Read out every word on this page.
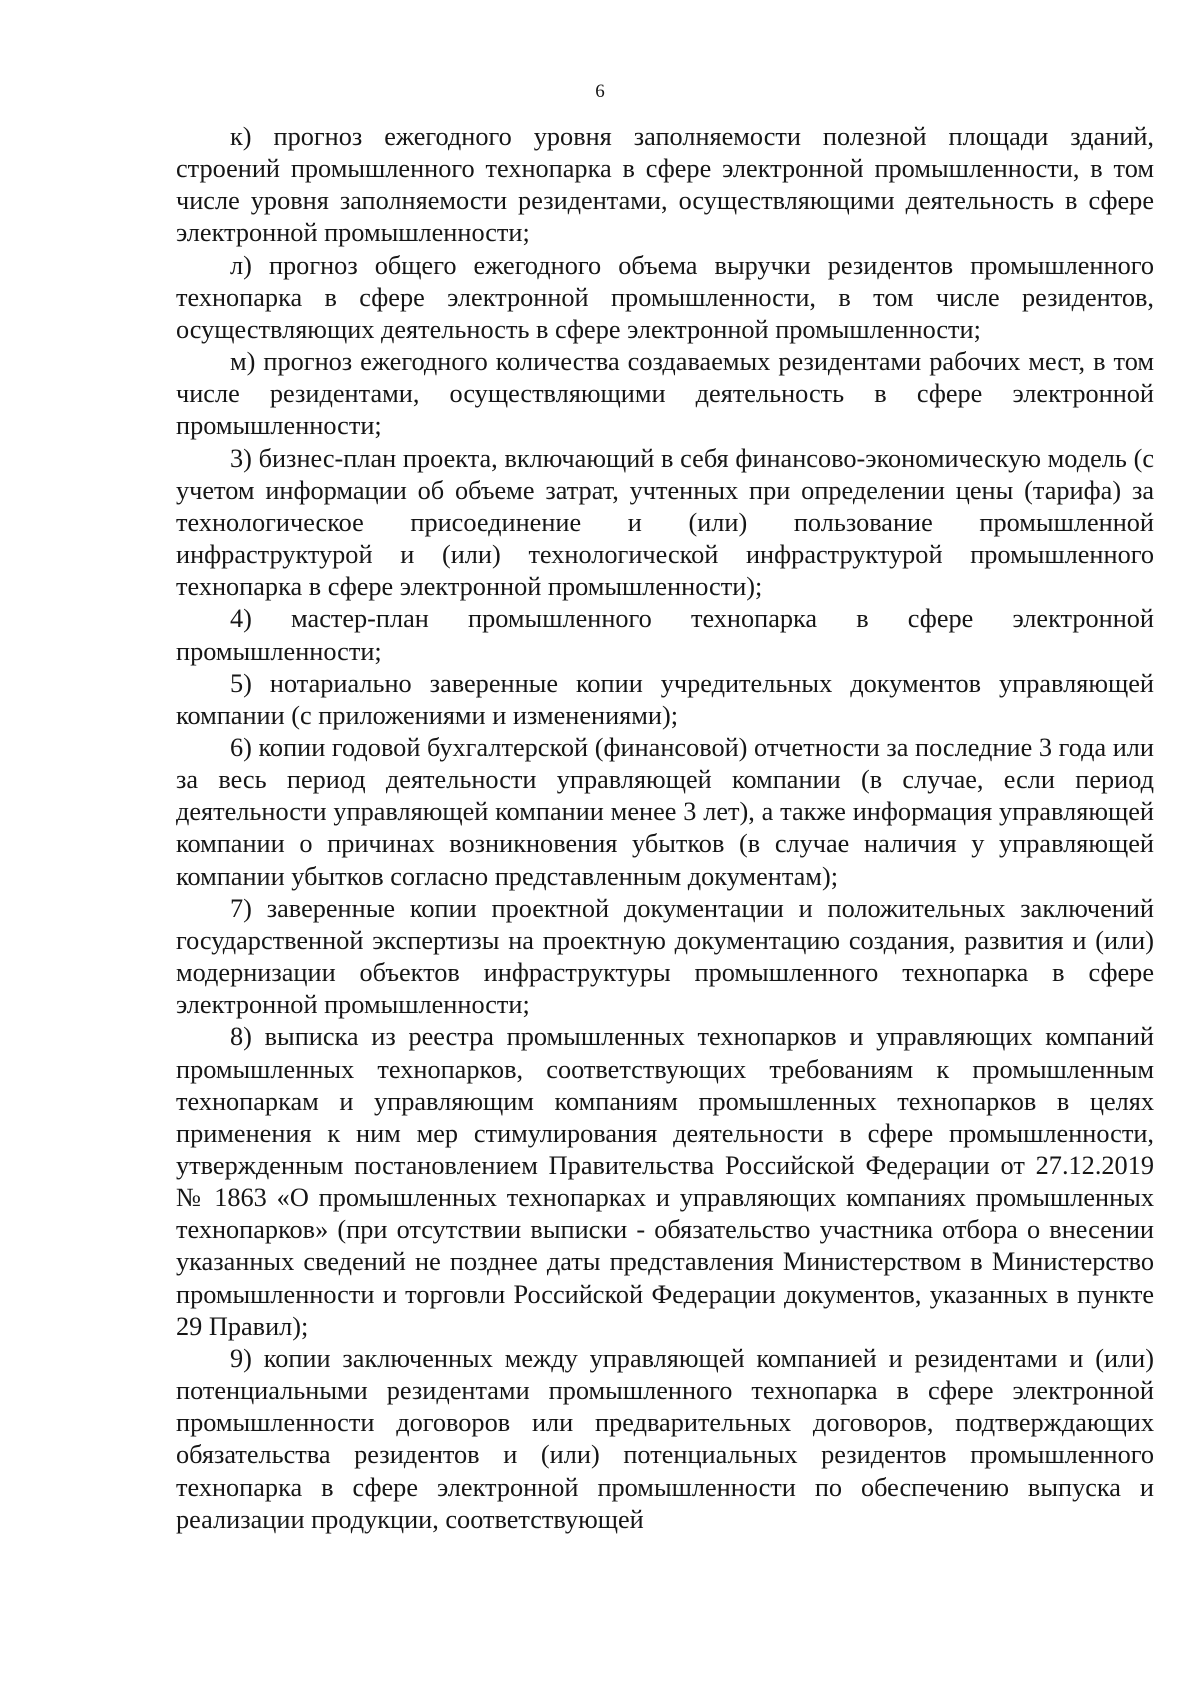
6

к) прогноз ежегодного уровня заполняемости полезной площади зданий, строений промышленного технопарка в сфере электронной промышленности, в том числе уровня заполняемости резидентами, осуществляющими деятельность в сфере электронной промышленности;

л) прогноз общего ежегодного объема выручки резидентов промышленного технопарка в сфере электронной промышленности, в том числе резидентов, осуществляющих деятельность в сфере электронной промышленности;

м) прогноз ежегодного количества создаваемых резидентами рабочих мест, в том числе резидентами, осуществляющими деятельность в сфере электронной промышленности;

3) бизнес-план проекта, включающий в себя финансово-экономическую модель (с учетом информации об объеме затрат, учтенных при определении цены (тарифа) за технологическое присоединение и (или) пользование промышленной инфраструктурой и (или) технологической инфраструктурой промышленного технопарка в сфере электронной промышленности);

4) мастер-план промышленного технопарка в сфере электронной промышленности;

5) нотариально заверенные копии учредительных документов управляющей компании (с приложениями и изменениями);

6) копии годовой бухгалтерской (финансовой) отчетности за последние 3 года или за весь период деятельности управляющей компании (в случае, если период деятельности управляющей компании менее 3 лет), а также информация управляющей компании о причинах возникновения убытков (в случае наличия у управляющей компании убытков согласно представленным документам);

7) заверенные копии проектной документации и положительных заключений государственной экспертизы на проектную документацию создания, развития и (или) модернизации объектов инфраструктуры промышленного технопарка в сфере электронной промышленности;

8) выписка из реестра промышленных технопарков и управляющих компаний промышленных технопарков, соответствующих требованиям к промышленным технопаркам и управляющим компаниям промышленных технопарков в целях применения к ним мер стимулирования деятельности в сфере промышленности, утвержденным постановлением Правительства Российской Федерации от 27.12.2019 № 1863 «О промышленных технопарках и управляющих компаниях промышленных технопарков» (при отсутствии выписки - обязательство участника отбора о внесении указанных сведений не позднее даты представления Министерством в Министерство промышленности и торговли Российской Федерации документов, указанных в пункте 29 Правил);

9) копии заключенных между управляющей компанией и резидентами и (или) потенциальными резидентами промышленного технопарка в сфере электронной промышленности договоров или предварительных договоров, подтверждающих обязательства резидентов и (или) потенциальных резидентов промышленного технопарка в сфере электронной промышленности по обеспечению выпуска и реализации продукции, соответствующей
